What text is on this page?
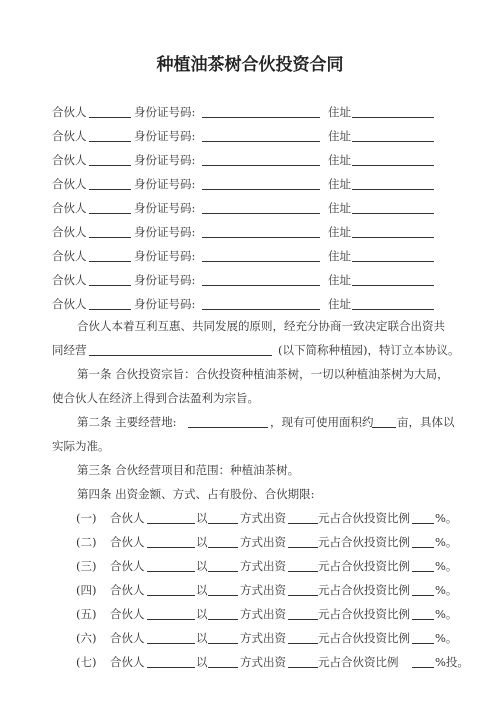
种植油茶树合伙投资合同
合伙人	身份证号码:	住址
合伙人	身份证号码:	住址
合伙人	身份证号码:	住址
合伙人	身份证号码:	住址
合伙人	身份证号码:	住址
合伙人	身份证号码:	住址
合伙人	身份证号码:	住址
合伙人	身份证号码:	住址
合伙人	身份证号码:	住址
合伙人本着互利互惠、共同发展的原则，经充分协商一致决定联合出资共
同经营	(以下简称种植园)，特订立本协议。
第一条 合伙投资宗旨：合伙投资种植油茶树，一切以种植油茶树为大局，
使合伙人在经济上得到合法盈利为宗旨。
第二条 主要经营地:	，现有可使用面积约 亩，具体以
实际为准。
第三条 合伙经营项目和范围：种植油茶树。
第四条 出资金额、方式、占有股份、合伙期限:
(一) 合伙人	以	方式出资	元占合伙投资比例 %。
(二) 合伙人	以	方式出资	元占合伙投资比例 %。
(三) 合伙人	以	方式出资	元占合伙投资比例 %。
(四) 合伙人	以	方式出资	元占合伙投资比例 %。
(五) 合伙人	以	方式出资	元占合伙投资比例 %。
(六) 合伙人	以	方式出资	元占合伙投资比例 %。
(七) 合伙人	以	方式出资	元占合伙资比例	%投。
